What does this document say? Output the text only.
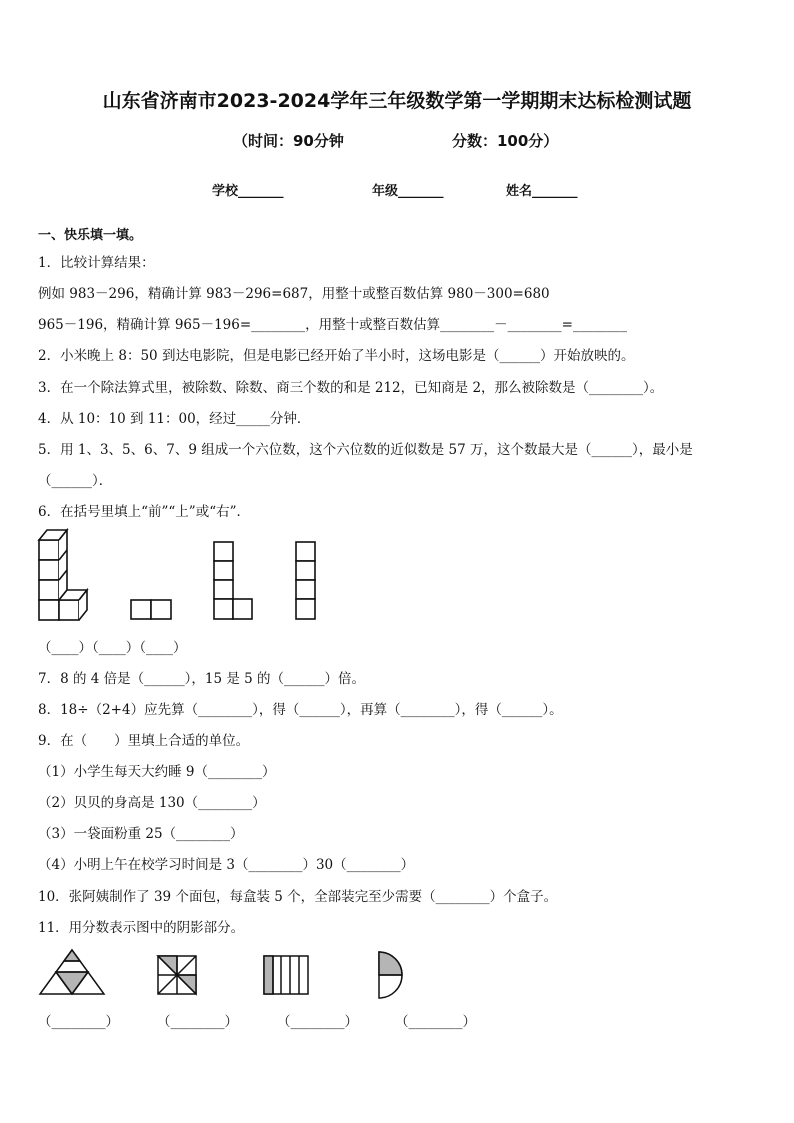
山东省济南市2023-2024学年三年级数学第一学期期末达标检测试题
（时间：90分钟	分数：100分）
学校_______	年级_______	姓名_______
一、快乐填一填。
1．比较计算结果：
例如 983－296，精确计算 983－296=687，用整十或整百数估算 980－300=680
965－196，精确计算 965－196=________，用整十或整百数估算________－________=________
2．小米晚上 8：50 到达电影院，但是电影已经开始了半小时，这场电影是（______）开始放映的。
3．在一个除法算式里，被除数、除数、商三个数的和是 212，已知商是 2，那么被除数是（________）。
4．从 10：10 到 11：00，经过_____分钟．
5．用 1、3、5、6、7、9 组成一个六位数，这个六位数的近似数是 57 万，这个数最大是（______），最小是
（______）．
6．在括号里填上“前”“上”或“右”．
（____）（____）（____）
7．8 的 4 倍是（______），15 是 5 的（______）倍。
8．18÷（2+4）应先算（________），得（______），再算（________），得（______）。
9．在（　　）里填上合适的单位。
（1）小学生每天大约睡 9（________）
（2）贝贝的身高是 130（________）
（3）一袋面粉重 25（________）
（4）小明上午在校学习时间是 3（________）30（________）
10．张阿姨制作了 39 个面包，每盒装 5 个，全部装完至少需要（________）个盒子。
11．用分数表示图中的阴影部分。
（________）	（________）	（________）	（________）
